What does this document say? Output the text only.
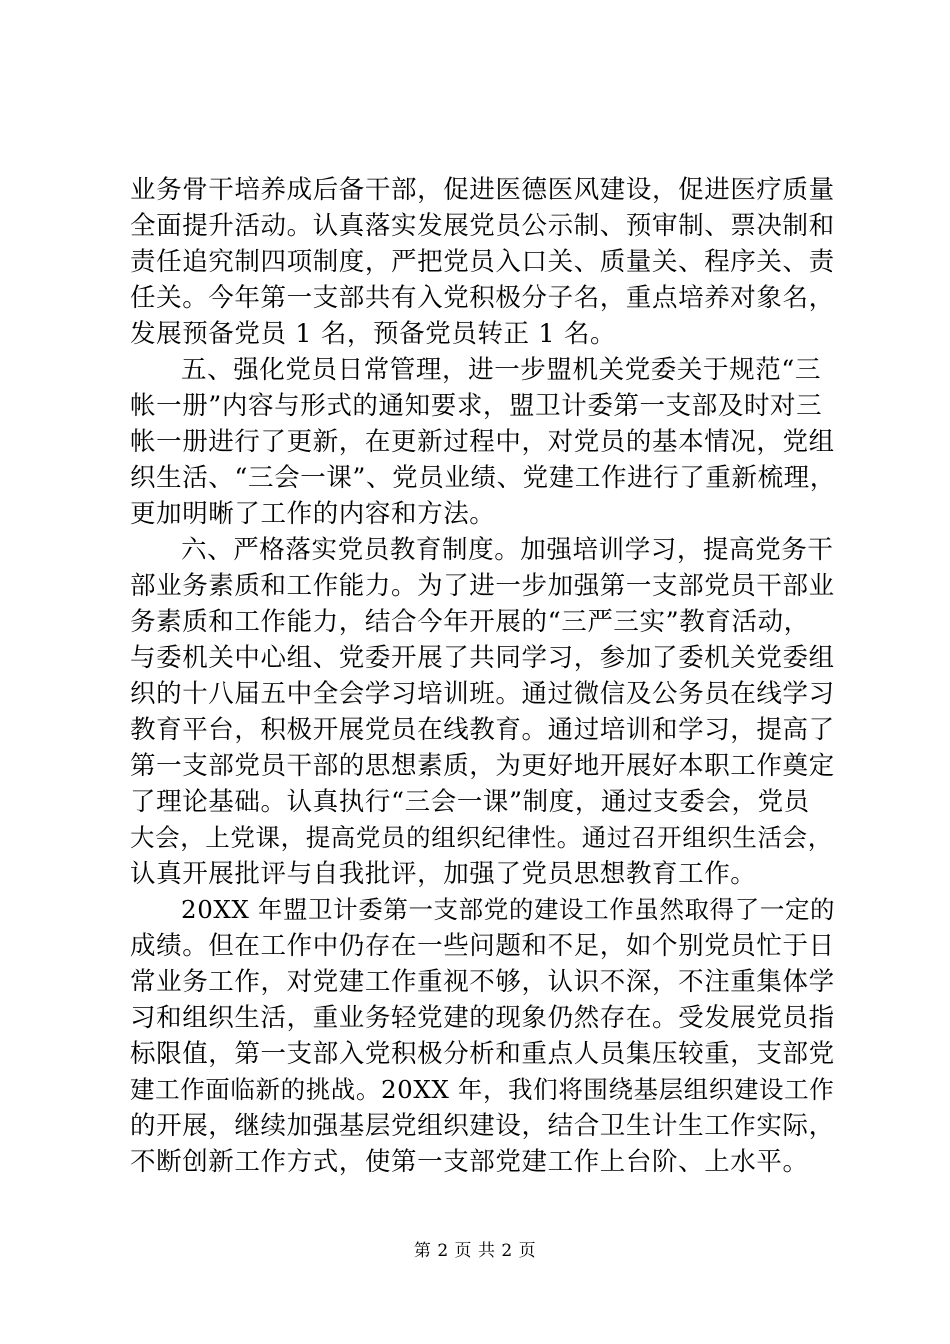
业务骨干培养成后备干部，促进医德医风建设，促进医疗质量
全面提升活动。认真落实发展党员公示制、预审制、票决制和
责任追究制四项制度，严把党员入口关、质量关、程序关、责
任关。今年第一支部共有入党积极分子名，重点培养对象名，
发展预备党员 1 名，预备党员转正 1 名。
五、强化党员日常管理，进一步盟机关党委关于规范“三
帐一册”内容与形式的通知要求，盟卫计委第一支部及时对三
帐一册进行了更新，在更新过程中，对党员的基本情况，党组
织生活、“三会一课”、党员业绩、党建工作进行了重新梳理，
更加明晰了工作的内容和方法。
六、严格落实党员教育制度。加强培训学习，提高党务干
部业务素质和工作能力。为了进一步加强第一支部党员干部业
务素质和工作能力，结合今年开展的“三严三实”教育活动，
与委机关中心组、党委开展了共同学习，参加了委机关党委组
织的十八届五中全会学习培训班。通过微信及公务员在线学习
教育平台，积极开展党员在线教育。通过培训和学习，提高了
第一支部党员干部的思想素质，为更好地开展好本职工作奠定
了理论基础。认真执行“三会一课”制度，通过支委会，党员
大会，上党课，提高党员的组织纪律性。通过召开组织生活会，
认真开展批评与自我批评，加强了党员思想教育工作。
20XX 年盟卫计委第一支部党的建设工作虽然取得了一定的
成绩。但在工作中仍存在一些问题和不足，如个别党员忙于日
常业务工作，对党建工作重视不够，认识不深，不注重集体学
习和组织生活，重业务轻党建的现象仍然存在。受发展党员指
标限值，第一支部入党积极分析和重点人员集压较重，支部党
建工作面临新的挑战。20XX 年，我们将围绕基层组织建设工作
的开展，继续加强基层党组织建设，结合卫生计生工作实际，
不断创新工作方式，使第一支部党建工作上台阶、上水平。
第 2 页 共 2 页
